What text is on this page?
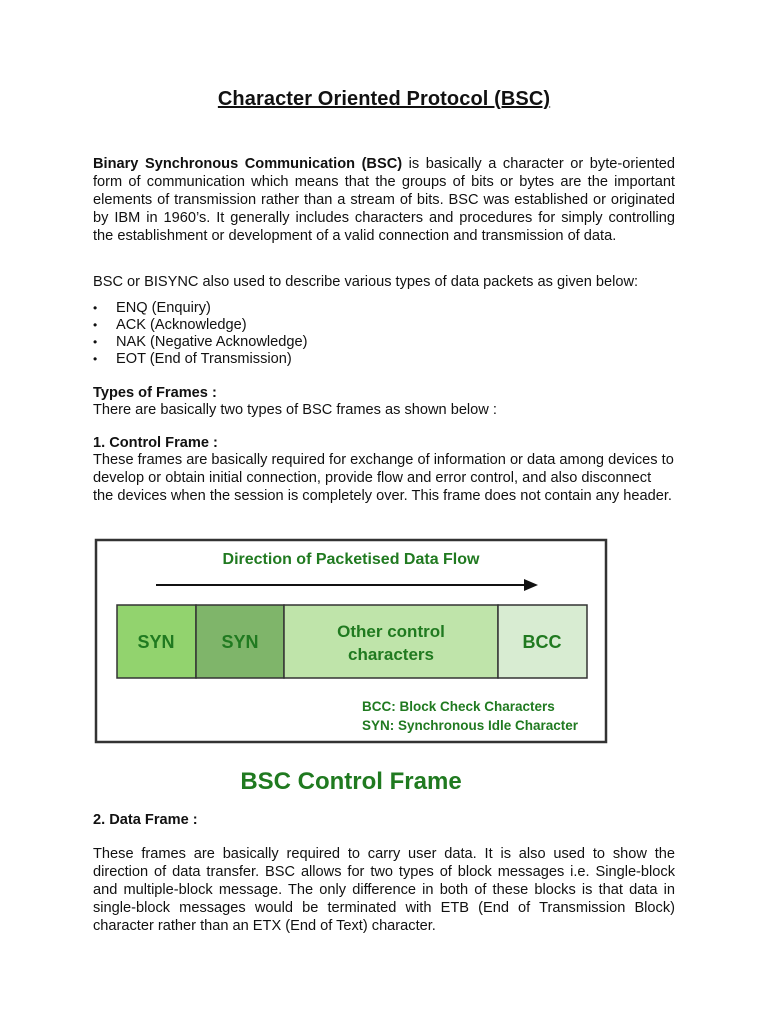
Character Oriented Protocol (BSC)
Binary Synchronous Communication (BSC) is basically a character or byte-oriented form of communication which means that the groups of bits or bytes are the important elements of transmission rather than a stream of bits. BSC was established or originated by IBM in 1960’s. It generally includes characters and procedures for simply controlling the establishment or development of a valid connection and transmission of data.
BSC or BISYNC also used to describe various types of data packets as given below:
• ENQ (Enquiry)
• ACK (Acknowledge)
• NAK (Negative Acknowledge)
• EOT (End of Transmission)
Types of Frames :
There are basically two types of BSC frames as shown below :
1. Control Frame :
These frames are basically required for exchange of information or data among devices to develop or obtain initial connection, provide flow and error control, and also disconnect the devices when the session is completely over. This frame does not contain any header.
Direction of Packetised Data Flow
SYN	SYN
Other control
characters
BCC
BCC: Block Check Characters
SYN: Synchronous Idle Character
BSC Control Frame
2. Data Frame :
These frames are basically required to carry user data. It is also used to show the direction of data transfer. BSC allows for two types of block messages i.e. Single-block and multiple-block message. The only difference in both of these blocks is that data in single-block messages would be terminated with ETB (End of Transmission Block) character rather than an ETX (End of Text) character.
